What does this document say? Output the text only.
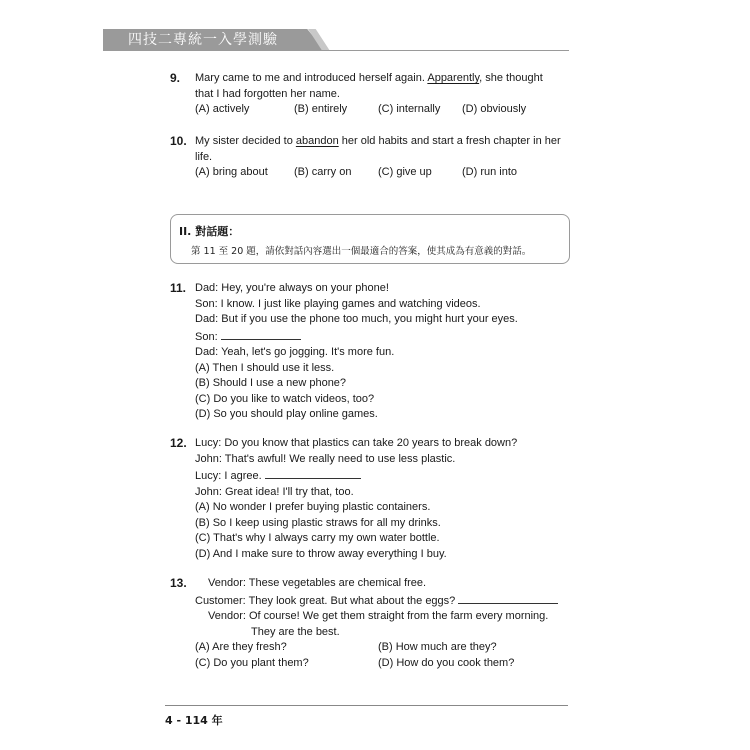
四技二專統一入學測驗
9. Mary came to me and introduced herself again. Apparently, she thought
that I had forgotten her name.
(A) actively	(B) entirely	(C) internally (D) obviously
10. My sister decided to abandon her old habits and start a fresh chapter in her
life.
(A) bring about (B) carry on (C) give up	(D) run into
II. 對話題：
第 11 至 20 題，請依對話內容選出一個最適合的答案，使其成為有意義的對話。
11. Dad: Hey, you're always on your phone!
Son: I know. I just like playing games and watching videos.
Dad: But if you use the phone too much, you might hurt your eyes.
Son:
Dad: Yeah, let's go jogging. It's more fun.
(A) Then I should use it less.
(B) Should I use a new phone?
(C) Do you like to watch videos, too?
(D) So you should play online games.
12. Lucy: Do you know that plastics can take 20 years to break down?
John: That's awful! We really need to use less plastic.
Lucy: I agree.
John: Great idea! I'll try that, too.
(A) No wonder I prefer buying plastic containers.
(B) So I keep using plastic straws for all my drinks.
(C) That's why I always carry my own water bottle.
(D) And I make sure to throw away everything I buy.
13.	Vendor: These vegetables are chemical free.
Customer: They look great. But what about the eggs?
Vendor: Of course! We get them straight from the farm every morning.
They are the best.
(A) Are they fresh?	(B) How much are they?
(C) Do you plant them?	(D) How do you cook them?
4 - 114 年
